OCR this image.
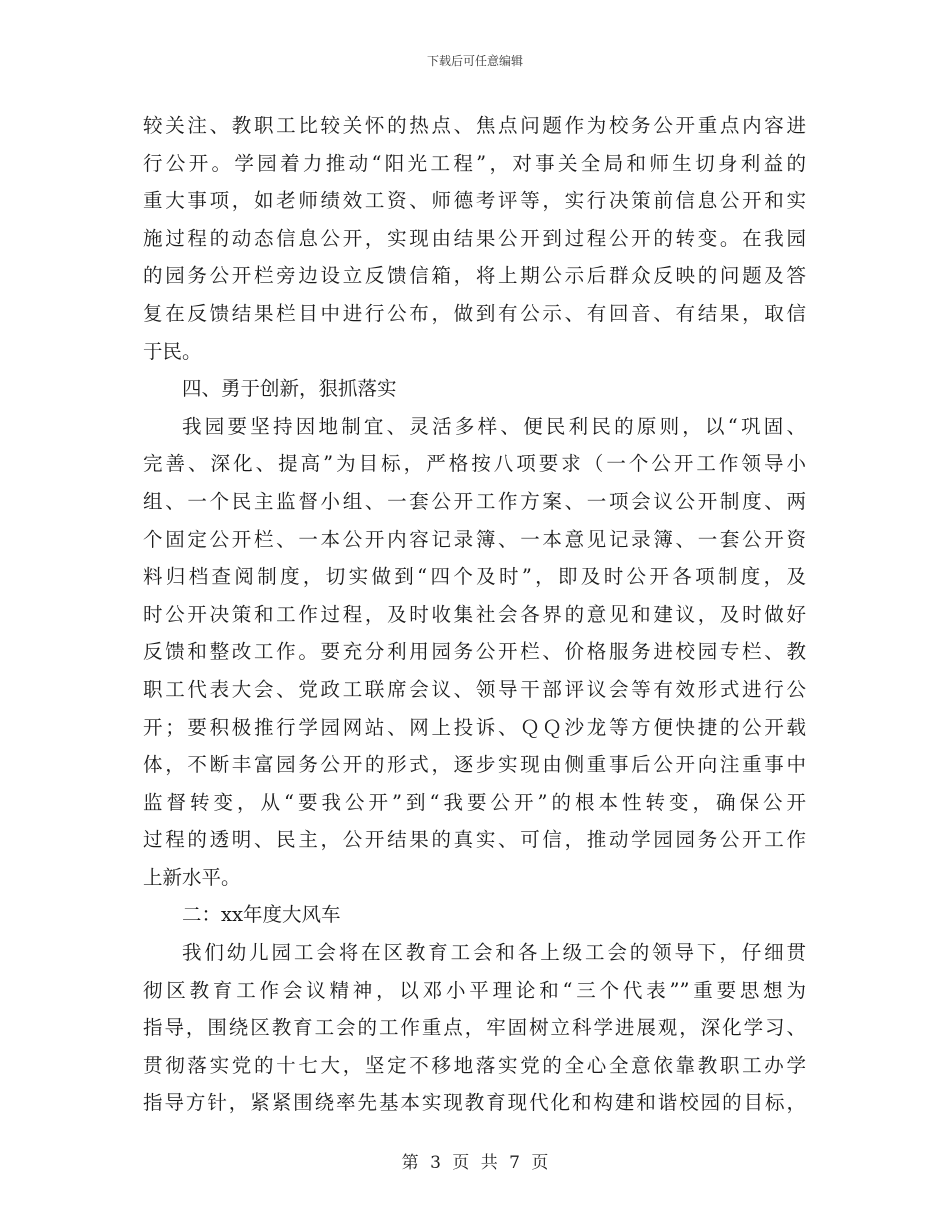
下载后可任意编辑
较关注、教职工比较关怀的热点、焦点问题作为校务公开重点内容进
行公开。学园着力推动“阳光工程”，对事关全局和师生切身利益的
重大事项，如老师绩效工资、师德考评等，实行决策前信息公开和实
施过程的动态信息公开，实现由结果公开到过程公开的转变。在我园
的园务公开栏旁边设立反馈信箱，将上期公示后群众反映的问题及答
复在反馈结果栏目中进行公布，做到有公示、有回音、有结果，取信
于民。
四、勇于创新，狠抓落实
我园要坚持因地制宜、灵活多样、便民利民的原则，以“巩固、
完善、深化、提高”为目标，严格按八项要求（一个公开工作领导小
组、一个民主监督小组、一套公开工作方案、一项会议公开制度、两
个固定公开栏、一本公开内容记录簿、一本意见记录簿、一套公开资
料归档查阅制度，切实做到“四个及时”，即及时公开各项制度，及
时公开决策和工作过程，及时收集社会各界的意见和建议，及时做好
反馈和整改工作。要充分利用园务公开栏、价格服务进校园专栏、教
职工代表大会、党政工联席会议、领导干部评议会等有效形式进行公
开；要积极推行学园网站、网上投诉、ＱＱ沙龙等方便快捷的公开载
体，不断丰富园务公开的形式，逐步实现由侧重事后公开向注重事中
监督转变，从“要我公开”到“我要公开”的根本性转变，确保公开
过程的透明、民主，公开结果的真实、可信，推动学园园务公开工作
上新水平。
二：xx年度大风车
我们幼儿园工会将在区教育工会和各上级工会的领导下，仔细贯
彻区教育工作会议精神，以邓小平理论和“三个代表””重要思想为
指导，围绕区教育工会的工作重点，牢固树立科学进展观，深化学习、
贯彻落实党的十七大，坚定不移地落实党的全心全意依靠教职工办学
指导方针，紧紧围绕率先基本实现教育现代化和构建和谐校园的目标，
第 3 页 共 7 页
